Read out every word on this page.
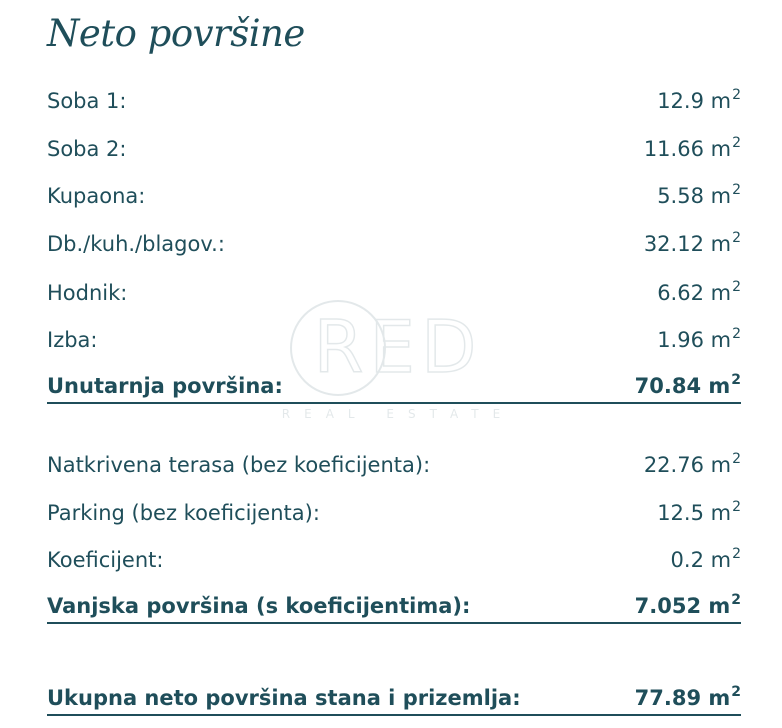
Neto površine
RED
REAL ESTATE
Soba 1:	12.9 $m^2$
Soba 2:	11.66 $m^2$
Kupaona:	5.58 $m^2$
Db./kuh./blagov.:	32.12 $m^2$
Hodnik:	6.62 $m^2$
Izba:	1.96 $m^2$
Unutarnja površina:	70.84 $m^2$
Natkrivena terasa (bez koeficijenta):	22.76 $m^2$
Parking (bez koeficijenta):	12.5 $m^2$
Koeficijent:	0.2 $m^2$
Vanjska površina (s koeficijentima):	7.052 $m^2$
Ukupna neto površina stana i prizemlja:	77.89 $m^2$
